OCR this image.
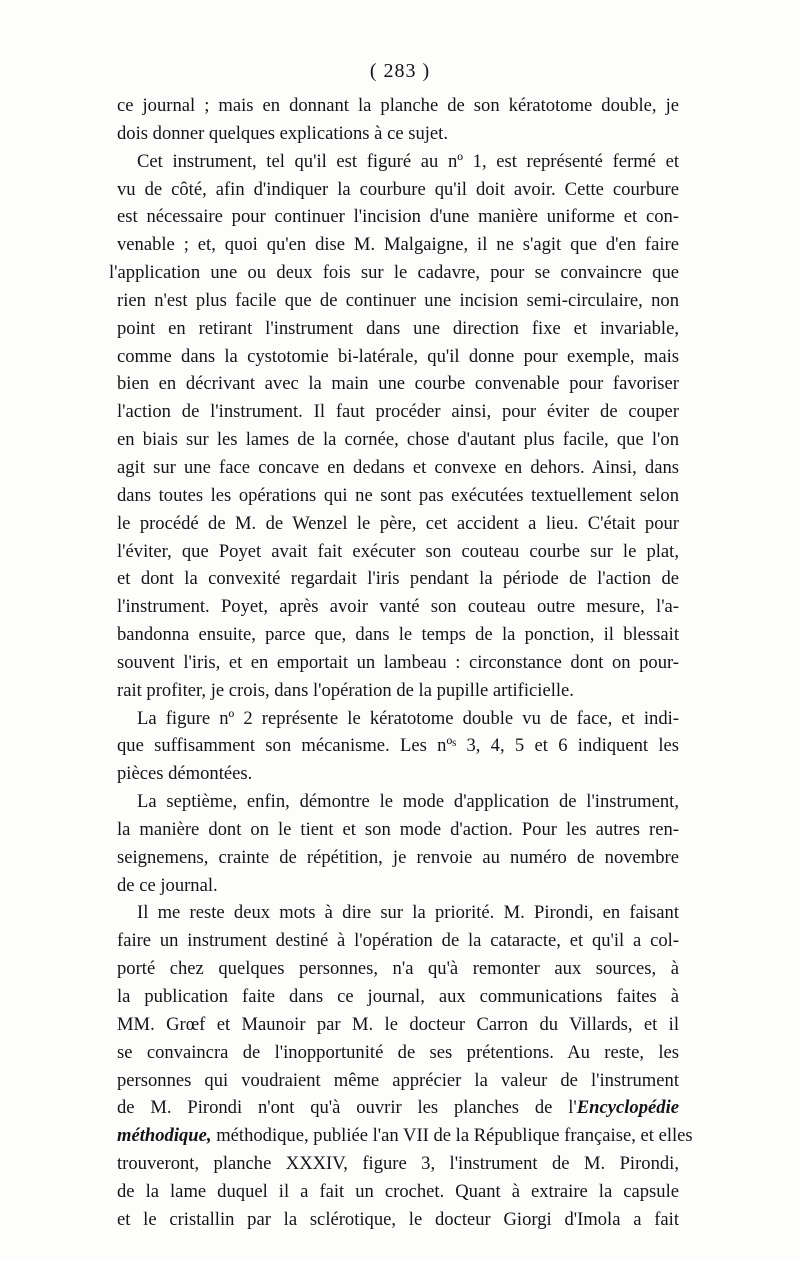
( 283 )
ce journal ; mais en donnant la planche de son kératotome double, je
dois donner quelques explications à ce sujet.
Cet instrument, tel qu'il est figuré au nº 1, est représenté fermé et
vu de côté, afin d'indiquer la courbure qu'il doit avoir. Cette courbure
est nécessaire pour continuer l'incision d'une manière uniforme et con-
venable ; et, quoi qu'en dise M. Malgaigne, il ne s'agit que d'en faire
l'application une ou deux fois sur le cadavre, pour se convaincre que
rien n'est plus facile que de continuer une incision semi-circulaire, non
point en retirant l'instrument dans une direction fixe et invariable,
comme dans la cystotomie bi-latérale, qu'il donne pour exemple, mais
bien en décrivant avec la main une courbe convenable pour favoriser
l'action de l'instrument. Il faut procéder ainsi, pour éviter de couper
en biais sur les lames de la cornée, chose d'autant plus facile, que l'on
agit sur une face concave en dedans et convexe en dehors. Ainsi, dans
dans toutes les opérations qui ne sont pas exécutées textuellement selon
le procédé de M. de Wenzel le père, cet accident a lieu. C'était pour
l'éviter, que Poyet avait fait exécuter son couteau courbe sur le plat,
et dont la convexité regardait l'iris pendant la période de l'action de
l'instrument. Poyet, après avoir vanté son couteau outre mesure, l'a-
bandonna ensuite, parce que, dans le temps de la ponction, il blessait
souvent l'iris, et en emportait un lambeau : circonstance dont on pour-
rait profiter, je crois, dans l'opération de la pupille artificielle.
La figure nº 2 représente le kératotome double vu de face, et indi-
que suffisamment son mécanisme. Les nºˢ 3, 4, 5 et 6 indiquent les
pièces démontées.
La septième, enfin, démontre le mode d'application de l'instrument,
la manière dont on le tient et son mode d'action. Pour les autres ren-
seignemens, crainte de répétition, je renvoie au numéro de novembre
de ce journal.
Il me reste deux mots à dire sur la priorité. M. Pirondi, en faisant
faire un instrument destiné à l'opération de la cataracte, et qu'il a col-
porté chez quelques personnes, n'a qu'à remonter aux sources, à
la publication faite dans ce journal, aux communications faites à
MM. Grœf et Maunoir par M. le docteur Carron du Villards, et il
se convaincra de l'inopportunité de ses prétentions. Au reste, les
personnes qui voudraient même apprécier la valeur de l'instrument
de M. Pirondi n'ont qu'à ouvrir les planches de l'Encyclopédie
méthodique, méthodique, publiée l'an VII de la République française, et elles
trouveront, planche XXXIV, figure 3, l'instrument de M. Pirondi,
de la lame duquel il a fait un crochet. Quant à extraire la capsule
et le cristallin par la sclérotique, le docteur Giorgi d'Imola a fait
